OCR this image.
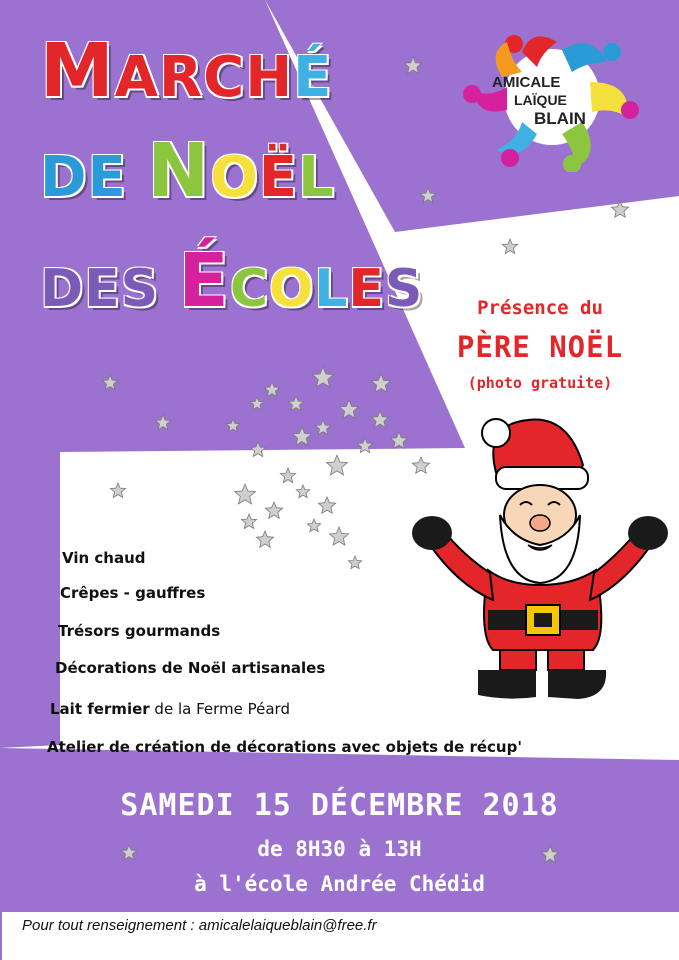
MARCHÉ
DE NOËL
DES ÉCOLES
AMICALE
LAÏQUE
BLAIN
Présence du
PÈRE NOËL
(photo gratuite)
Vin chaud
Crêpes - gauffres
Trésors gourmands
Décorations de Noël artisanales
Lait fermier de la Ferme Péard
Atelier de création de décorations avec objets de récup'
SAMEDI 15 DÉCEMBRE 2018
de 8H30 à 13H
à l'école Andrée Chédid
Pour tout renseignement : amicalelaiqueblain@free.fr
